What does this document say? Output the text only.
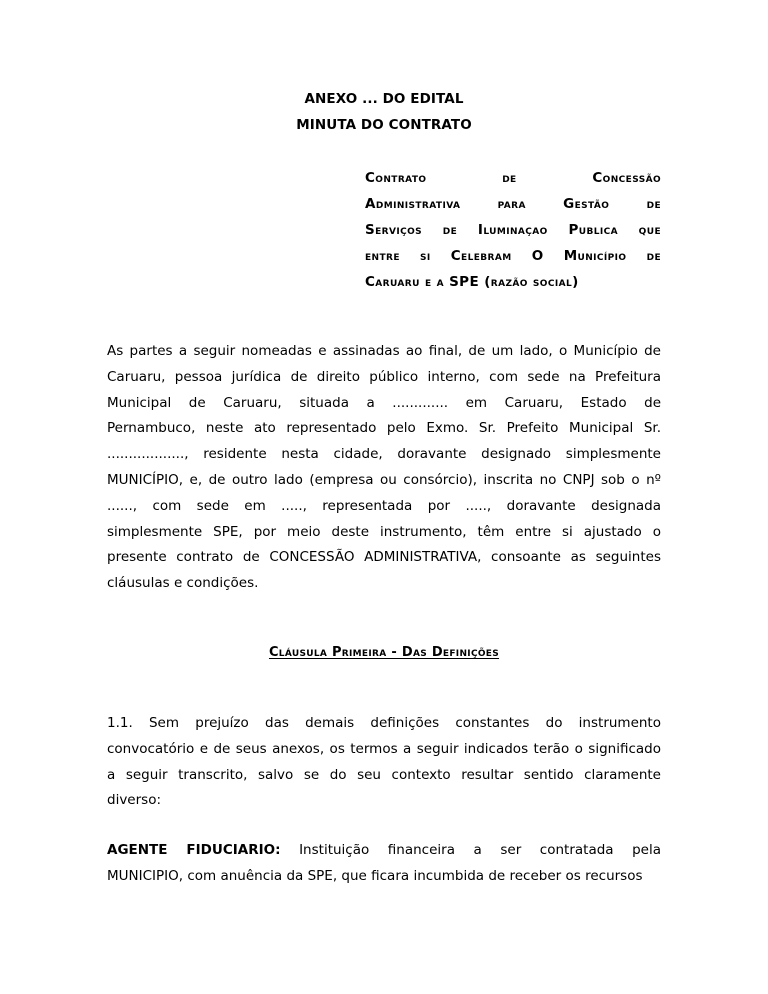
ANEXO ... DO EDITAL
MINUTA DO CONTRATO
Contrato de Concessão
Administrativa para Gestão de
Serviços de Iluminaçao Publica que
entre si Celebram O Município de
Caruaru e a SPE (razão social)
As partes a seguir nomeadas e assinadas ao final, de um lado, o Município de
Caruaru, pessoa jurídica de direito público interno, com sede na Prefeitura
Municipal de Caruaru, situada a ............. em Caruaru, Estado de
Pernambuco, neste ato representado pelo Exmo. Sr. Prefeito Municipal Sr.
.................., residente nesta cidade, doravante designado simplesmente
MUNICÍPIO, e, de outro lado (empresa ou consórcio), inscrita no CNPJ sob o nº
......, com sede em ....., representada por ....., doravante designada
simplesmente SPE, por meio deste instrumento, têm entre si ajustado o
presente contrato de CONCESSÃO ADMINISTRATIVA, consoante as seguintes
cláusulas e condições.
Cláusula Primeira - Das Definições
1.1. Sem prejuízo das demais definições constantes do instrumento
convocatório e de seus anexos, os termos a seguir indicados terão o significado
a seguir transcrito, salvo se do seu contexto resultar sentido claramente
diverso:
AGENTE FIDUCIARIO: Instituição financeira a ser contratada pela
MUNICIPIO, com anuência da SPE, que ficara incumbida de receber os recursos
